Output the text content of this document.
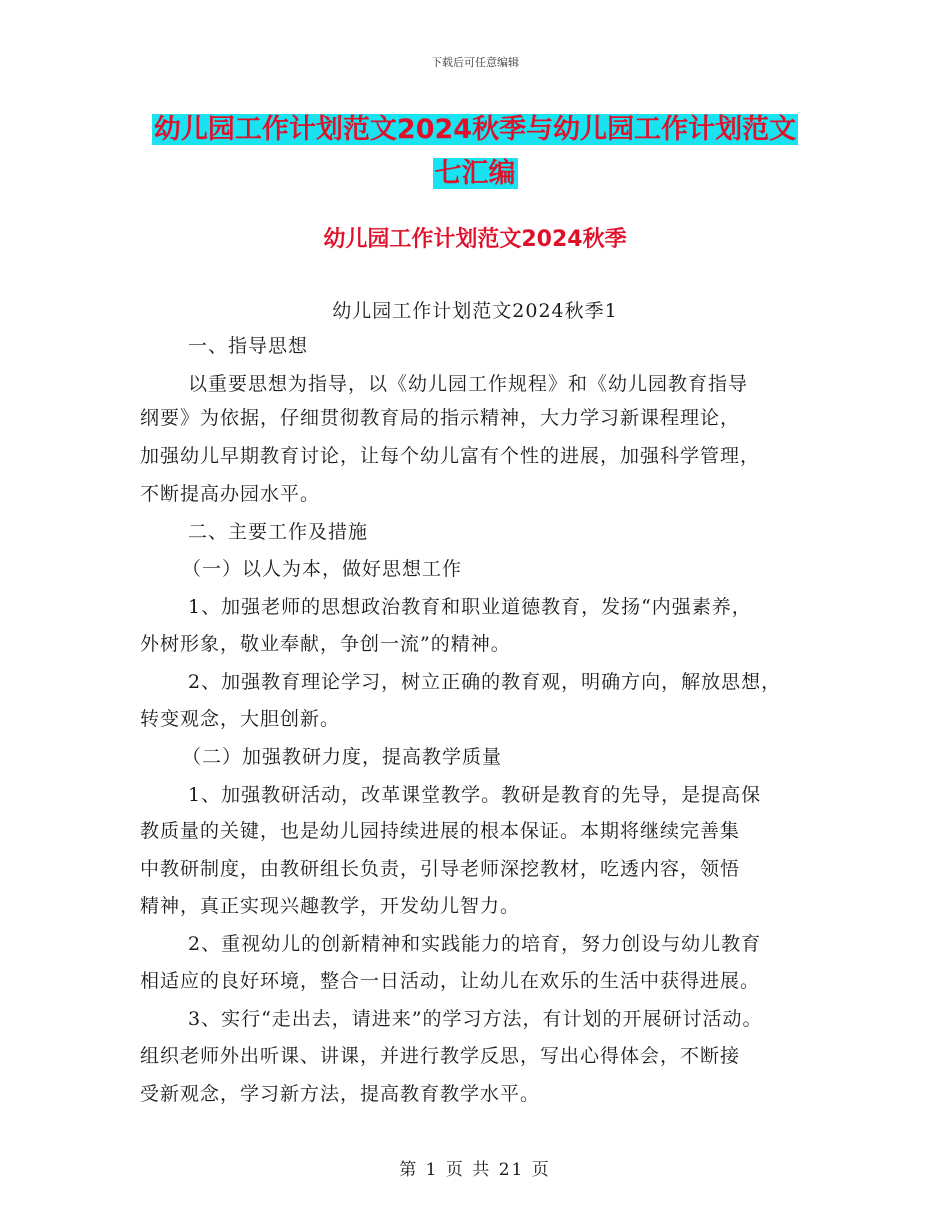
下载后可任意编辑
幼儿园工作计划范文2024秋季与幼儿园工作计划范文
七汇编
幼儿园工作计划范文2024秋季
幼儿园工作计划范文2024秋季1
一、指导思想
以重要思想为指导，以《幼儿园工作规程》和《幼儿园教育指导
纲要》为依据，仔细贯彻教育局的指示精神，大力学习新课程理论，
加强幼儿早期教育讨论，让每个幼儿富有个性的进展，加强科学管理，
不断提高办园水平。
二、主要工作及措施
（一）以人为本，做好思想工作
1、加强老师的思想政治教育和职业道德教育，发扬“内强素养，
外树形象，敬业奉献，争创一流”的精神。
2、加强教育理论学习，树立正确的教育观，明确方向，解放思想，
转变观念，大胆创新。
（二）加强教研力度，提高教学质量
1、加强教研活动，改革课堂教学。教研是教育的先导，是提高保
教质量的关键，也是幼儿园持续进展的根本保证。本期将继续完善集
中教研制度，由教研组长负责，引导老师深挖教材，吃透内容，领悟
精神，真正实现兴趣教学，开发幼儿智力。
2、重视幼儿的创新精神和实践能力的培育，努力创设与幼儿教育
相适应的良好环境，整合一日活动，让幼儿在欢乐的生活中获得进展。
3、实行“走出去，请进来”的学习方法，有计划的开展研讨活动。
组织老师外出听课、讲课，并进行教学反思，写出心得体会，不断接
受新观念，学习新方法，提高教育教学水平。
第 1 页 共 21 页
